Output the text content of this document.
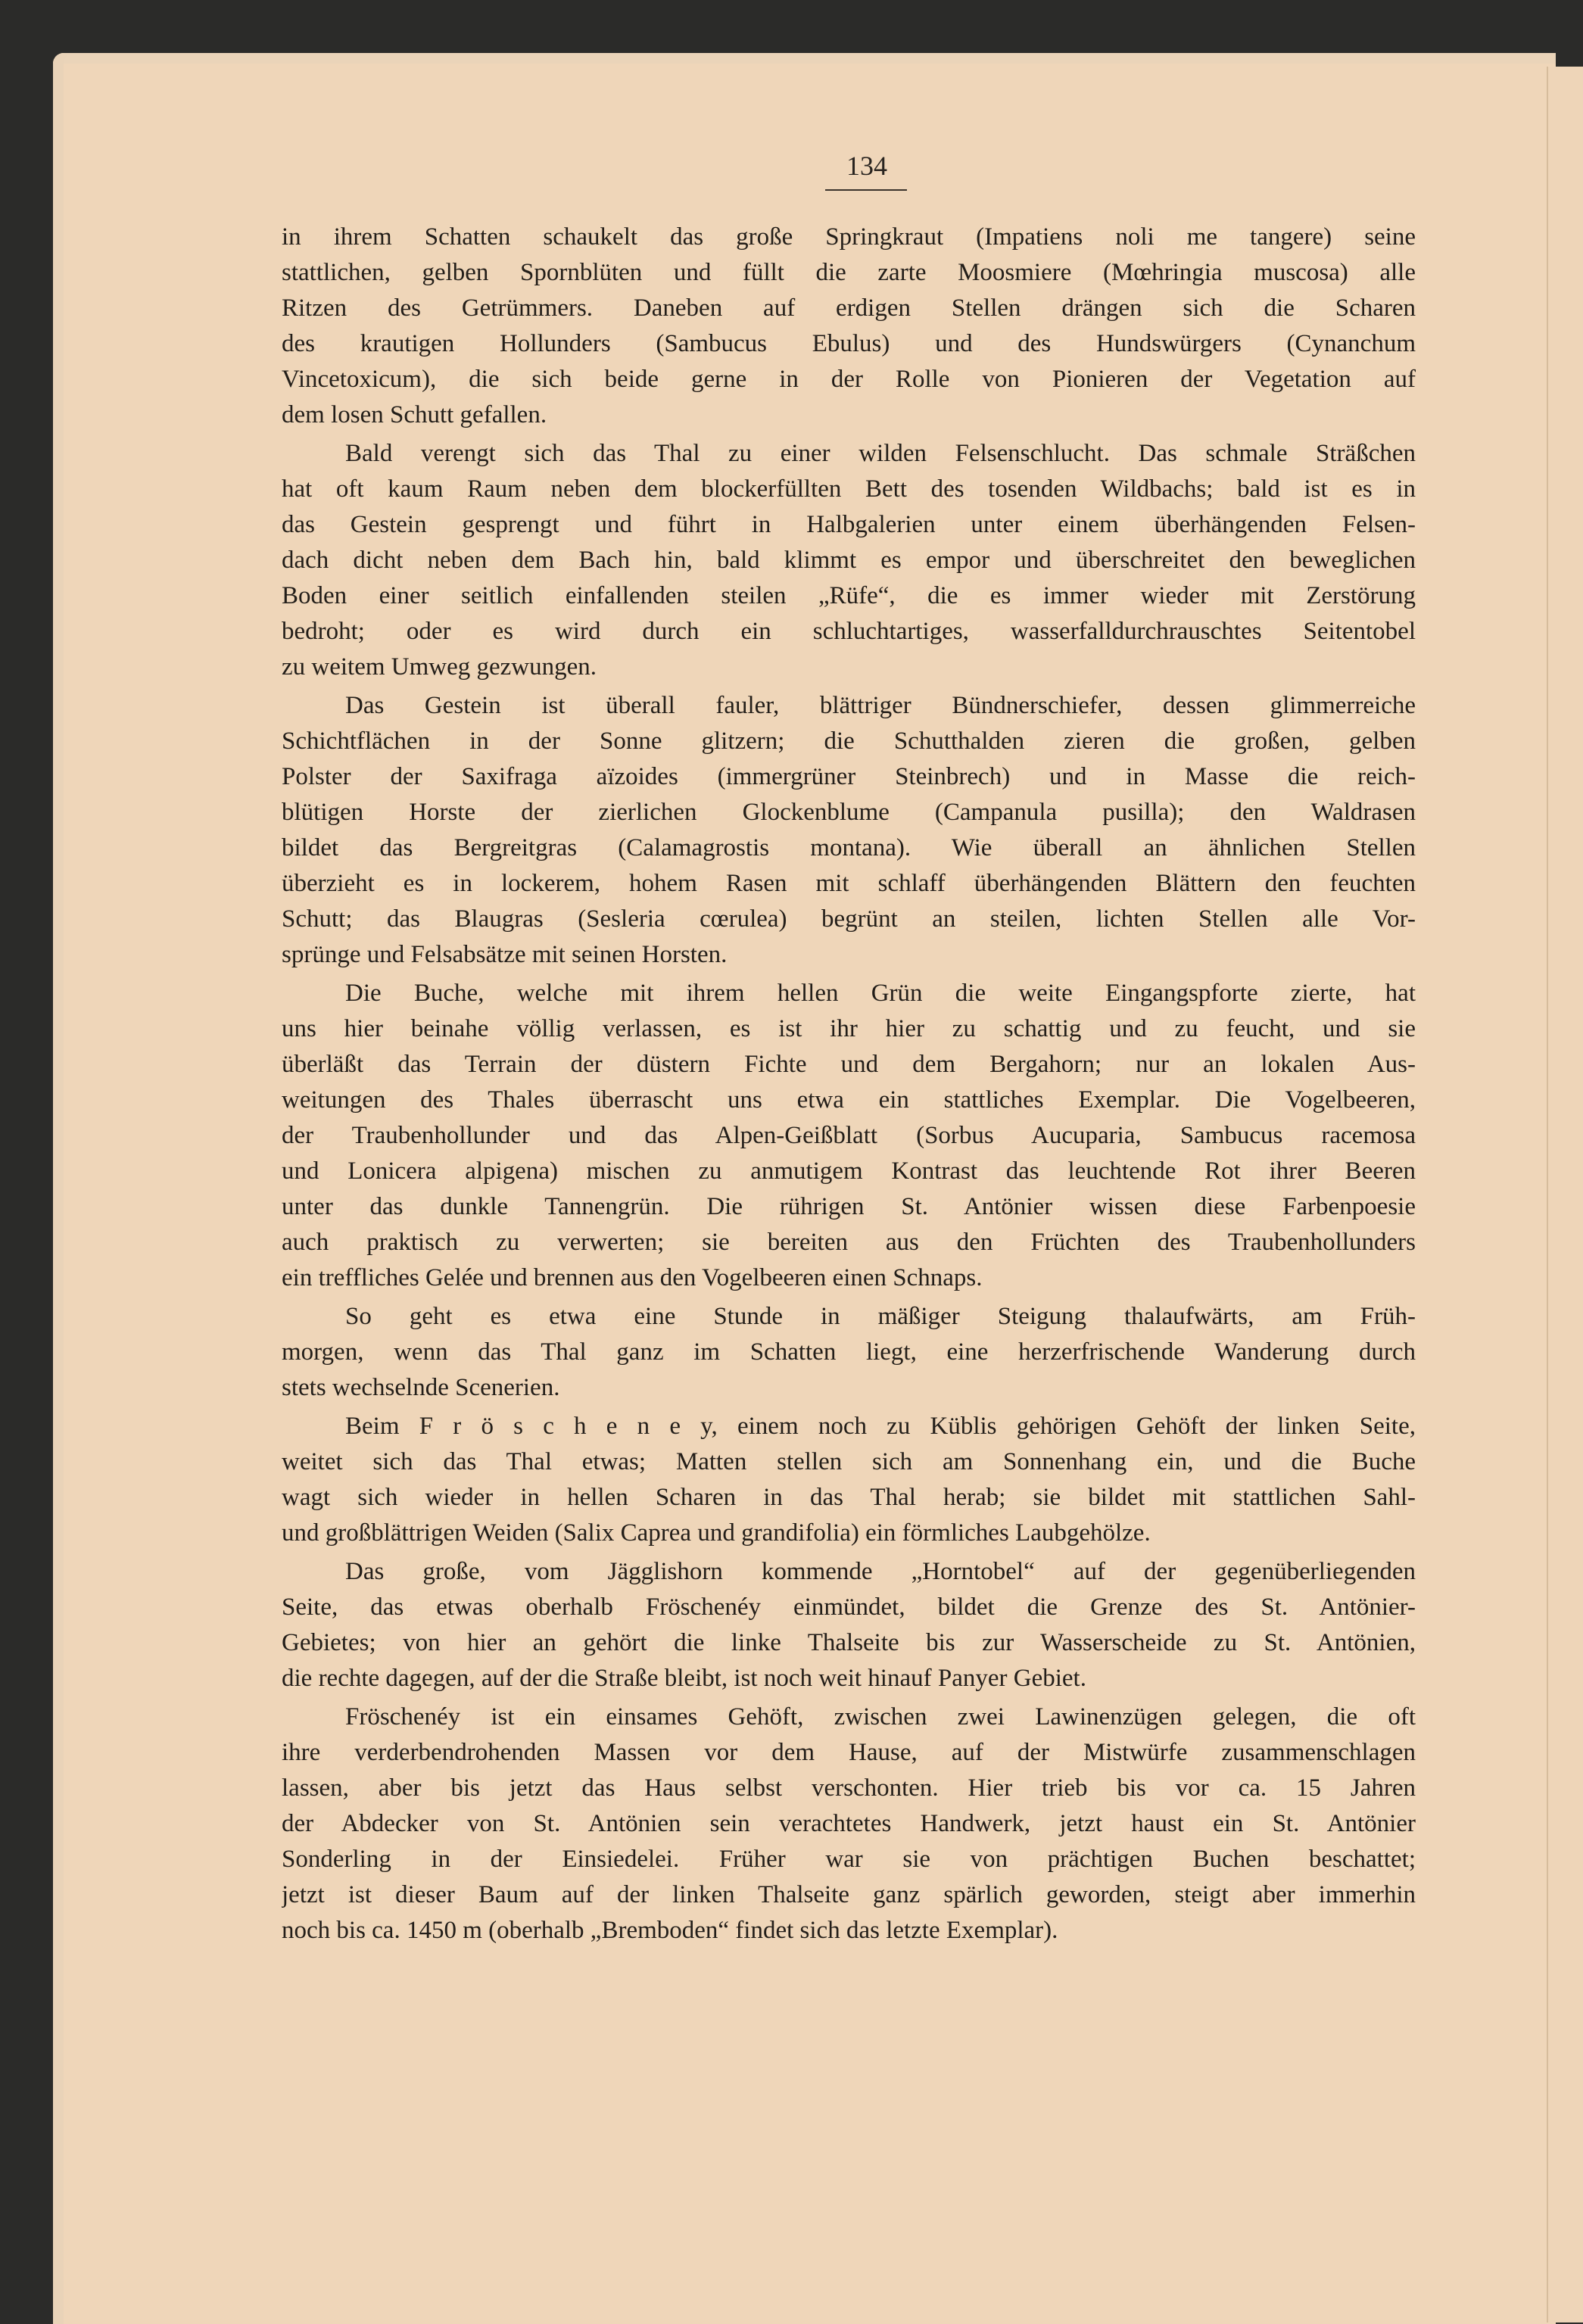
134
in ihrem Schatten schaukelt das große Springkraut (Impatiens noli me tangere) seine
stattlichen, gelben Spornblüten und füllt die zarte Moosmiere (Mœhringia muscosa) alle
Ritzen des Getrümmers. Daneben auf erdigen Stellen drängen sich die Scharen
des krautigen Hollunders (Sambucus Ebulus) und des Hundswürgers (Cynanchum
Vincetoxicum), die sich beide gerne in der Rolle von Pionieren der Vegetation auf
dem losen Schutt gefallen.
Bald verengt sich das Thal zu einer wilden Felsenschlucht. Das schmale Sträßchen
hat oft kaum Raum neben dem blockerfüllten Bett des tosenden Wildbachs; bald ist es in
das Gestein gesprengt und führt in Halbgalerien unter einem überhängenden Felsen-
dach dicht neben dem Bach hin, bald klimmt es empor und überschreitet den beweglichen
Boden einer seitlich einfallenden steilen „Rüfe“, die es immer wieder mit Zerstörung
bedroht; oder es wird durch ein schluchtartiges, wasserfalldurchrauschtes Seitentobel
zu weitem Umweg gezwungen.
Das Gestein ist überall fauler, blättriger Bündnerschiefer, dessen glimmerreiche
Schichtflächen in der Sonne glitzern; die Schutthalden zieren die großen, gelben
Polster der Saxifraga aïzoides (immergrüner Steinbrech) und in Masse die reich-
blütigen Horste der zierlichen Glockenblume (Campanula pusilla); den Waldrasen
bildet das Bergreitgras (Calamagrostis montana). Wie überall an ähnlichen Stellen
überzieht es in lockerem, hohem Rasen mit schlaff überhängenden Blättern den feuchten
Schutt; das Blaugras (Sesleria cœrulea) begrünt an steilen, lichten Stellen alle Vor-
sprünge und Felsabsätze mit seinen Horsten.
Die Buche, welche mit ihrem hellen Grün die weite Eingangspforte zierte, hat
uns hier beinahe völlig verlassen, es ist ihr hier zu schattig und zu feucht, und sie
überläßt das Terrain der düstern Fichte und dem Bergahorn; nur an lokalen Aus-
weitungen des Thales überrascht uns etwa ein stattliches Exemplar. Die Vogelbeeren,
der Traubenhollunder und das Alpen-Geißblatt (Sorbus Aucuparia, Sambucus racemosa
und Lonicera alpigena) mischen zu anmutigem Kontrast das leuchtende Rot ihrer Beeren
unter das dunkle Tannengrün. Die rührigen St. Antönier wissen diese Farbenpoesie
auch praktisch zu verwerten; sie bereiten aus den Früchten des Traubenhollunders
ein treffliches Gelée und brennen aus den Vogelbeeren einen Schnaps.
So geht es etwa eine Stunde in mäßiger Steigung thalaufwärts, am Früh-
morgen, wenn das Thal ganz im Schatten liegt, eine herzerfrischende Wanderung durch
stets wechselnde Scenerien.
Beim F r ö s c h e n e y, einem noch zu Küblis gehörigen Gehöft der linken Seite,
weitet sich das Thal etwas; Matten stellen sich am Sonnenhang ein, und die Buche
wagt sich wieder in hellen Scharen in das Thal herab; sie bildet mit stattlichen Sahl-
und großblättrigen Weiden (Salix Caprea und grandifolia) ein förmliches Laubgehölze.
Das große, vom Jägglishorn kommende „Horntobel“ auf der gegenüberliegenden
Seite, das etwas oberhalb Fröschenéy einmündet, bildet die Grenze des St. Antönier-
Gebietes; von hier an gehört die linke Thalseite bis zur Wasserscheide zu St. Antönien,
die rechte dagegen, auf der die Straße bleibt, ist noch weit hinauf Panyer Gebiet.
Fröschenéy ist ein einsames Gehöft, zwischen zwei Lawinenzügen gelegen, die oft
ihre verderbendrohenden Massen vor dem Hause, auf der Mistwürfe zusammenschlagen
lassen, aber bis jetzt das Haus selbst verschonten. Hier trieb bis vor ca. 15 Jahren
der Abdecker von St. Antönien sein verachtetes Handwerk, jetzt haust ein St. Antönier
Sonderling in der Einsiedelei. Früher war sie von prächtigen Buchen beschattet;
jetzt ist dieser Baum auf der linken Thalseite ganz spärlich geworden, steigt aber immerhin
noch bis ca. 1450 m (oberhalb „Bremboden“ findet sich das letzte Exemplar).
